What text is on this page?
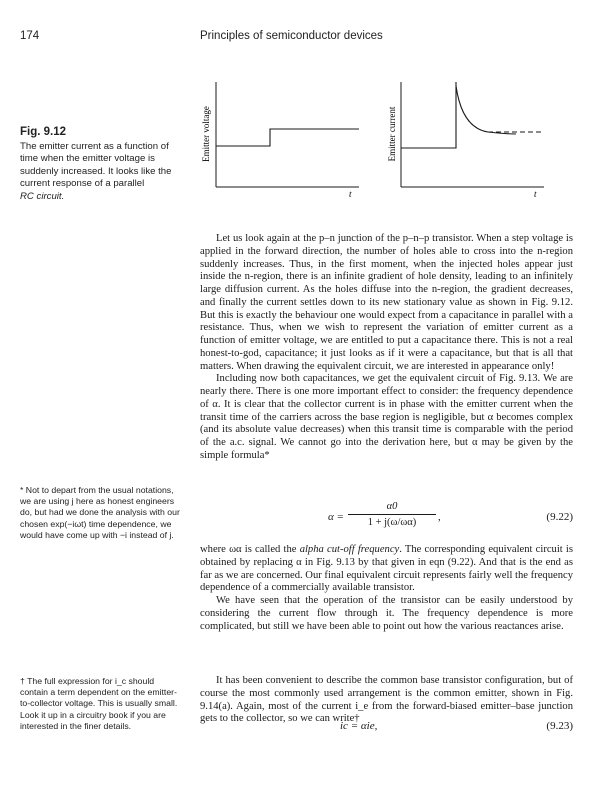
174	Principles of semiconductor devices
Fig. 9.12
The emitter current as a function of time when the emitter voltage is suddenly increased. It looks like the current response of a parallel
RC circuit.
Emitter voltage
t
Emitter current
t

Let us look again at the p–n junction of the p–n–p transistor. When a step voltage is applied in the forward direction, the number of holes able to cross into the n-region suddenly increases. Thus, in the first moment, when the injected holes appear just inside the n-region, there is an infinite gradient of hole density, leading to an infinitely large diffusion current. As the holes diffuse into the n-region, the gradient decreases, and finally the current settles down to its new stationary value as shown in Fig. 9.12. But this is exactly the behaviour one would expect from a capacitance in parallel with a resistance. Thus, when we wish to represent the variation of emitter current as a function of emitter voltage, we are entitled to put a capacitance there. This is not a real honest-to-god, capacitance; it just looks as if it were a capacitance, but that is all that matters. When drawing the equivalent circuit, we are interested in appearance only!

Including now both capacitances, we get the equivalent circuit of Fig. 9.13. We are nearly there. There is one more important effect to consider: the frequency dependence of α. It is clear that the collector current is in phase with the emitter current when the transit time of the carriers across the base region is negligible, but α becomes complex (and its absolute value decreases) when this transit time is comparable with the period of the a.c. signal. We cannot go into the derivation here, but α may be given by the simple formula*

* Not to depart from the usual notations, we are using j here as honest engineers do, but had we done the analysis with our chosen exp(−iωt) time dependence, we would have come up with −i instead of j.
$\alpha = \frac{\alpha 0}{1 + j(\omega/\omega\alpha)}$ ,	(9.22)

where ωα is called the alpha cut-off frequency. The corresponding equivalent circuit is obtained by replacing α in Fig. 9.13 by that given in eqn (9.22). And that is the end as far as we are concerned. Our final equivalent circuit represents fairly well the frequency dependence of a commercially available transistor.

We have seen that the operation of the transistor can be easily understood by considering the current flow through it. The frequency dependence is more complicated, but still we have been able to point out how the various reactances arise.

It has been convenient to describe the common base transistor configuration, but of course the most commonly used arrangement is the common emitter, shown in Fig. 9.14(a). Again, most of the current i_e from the forward-biased emitter–base junction gets to the collector, so we can write†

† The full expression for i_c should contain a term dependent on the emitter-to-collector voltage. This is usually small. Look it up in a circuitry book if you are interested in the finer details.	ic = αie,	(9.23)
